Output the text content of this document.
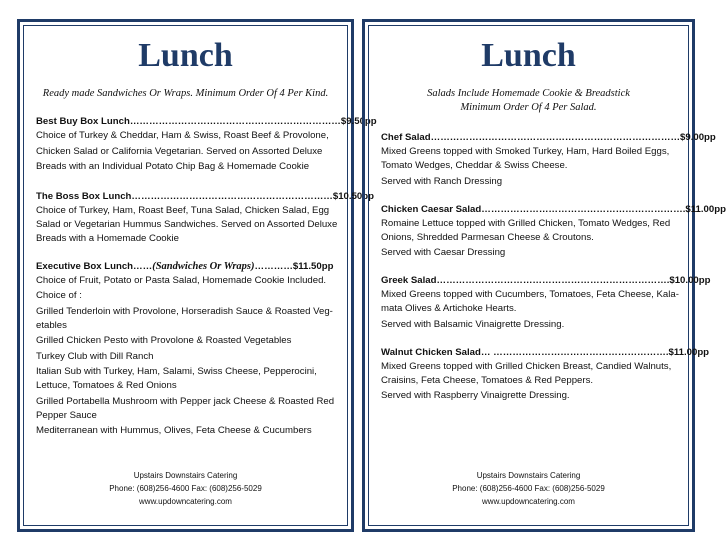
Lunch

Ready made Sandwiches Or Wraps. Minimum Order Of 4 Per Kind.

Best Buy Box Lunch…………………………………………………………$9.50pp

Choice of Turkey & Cheddar, Ham & Swiss, Roast Beef & Provolone,

Chicken Salad or California Vegetarian. Served on Assorted Deluxe

Breads with an Individual Potato Chip Bag & Homemade Cookie

The Boss Box Lunch………………………………………………………$10.50pp

Choice of Turkey, Ham, Roast Beef, Tuna Salad, Chicken Salad, Egg

Salad or Vegetarian Hummus Sandwiches. Served on Assorted Deluxe

Breads with a Homemade Cookie

Executive Box Lunch……(Sandwiches Or Wraps)…………$11.50pp

Choice of Fruit, Potato or Pasta Salad, Homemade Cookie Included.

Choice of :

Grilled Tenderloin with Provolone, Horseradish Sauce & Roasted Veg-

etables

Grilled Chicken Pesto with Provolone & Roasted Vegetables

Turkey Club with Dill Ranch

Italian Sub with Turkey, Ham, Salami, Swiss Cheese, Pepperocini,

Lettuce, Tomatoes & Red Onions

Grilled Portabella Mushroom with Pepper jack Cheese & Roasted Red

Pepper Sauce

Mediterranean with Hummus, Olives, Feta Cheese & Cucumbers

Upstairs Downstairs Catering
Phone: (608)256-4600 Fax: (608)256-5029
www.updowncatering.com
Lunch

Salads Include Homemade Cookie & Breadstick

Minimum Order Of 4 Per Salad.

Chef Salad……………………………………………………………………$9.00pp

Mixed Greens topped with Smoked Turkey, Ham, Hard Boiled Eggs,

Tomato Wedges, Cheddar & Swiss Cheese.

Served with Ranch Dressing

Chicken Caesar Salad……………………………………………………….$11.00pp

Romaine Lettuce topped with Grilled Chicken, Tomato Wedges, Red

Onions, Shredded Parmesan Cheese & Croutons.

Served with Caesar Dressing

Greek Salad……………………………………………………………….$10.00pp

Mixed Greens topped with Cucumbers, Tomatoes, Feta Cheese, Kala-

mata Olives & Artichoke Hearts.

Served with Balsamic Vinaigrette Dressing.

Walnut Chicken Salad… ……………………………………………….$11.00pp

Mixed Greens topped with Grilled Chicken Breast, Candied Walnuts,

Craisins, Feta Cheese, Tomatoes & Red Peppers.

Served with Raspberry Vinaigrette Dressing.

Upstairs Downstairs Catering
Phone: (608)256-4600 Fax: (608)256-5029
www.updowncatering.com
